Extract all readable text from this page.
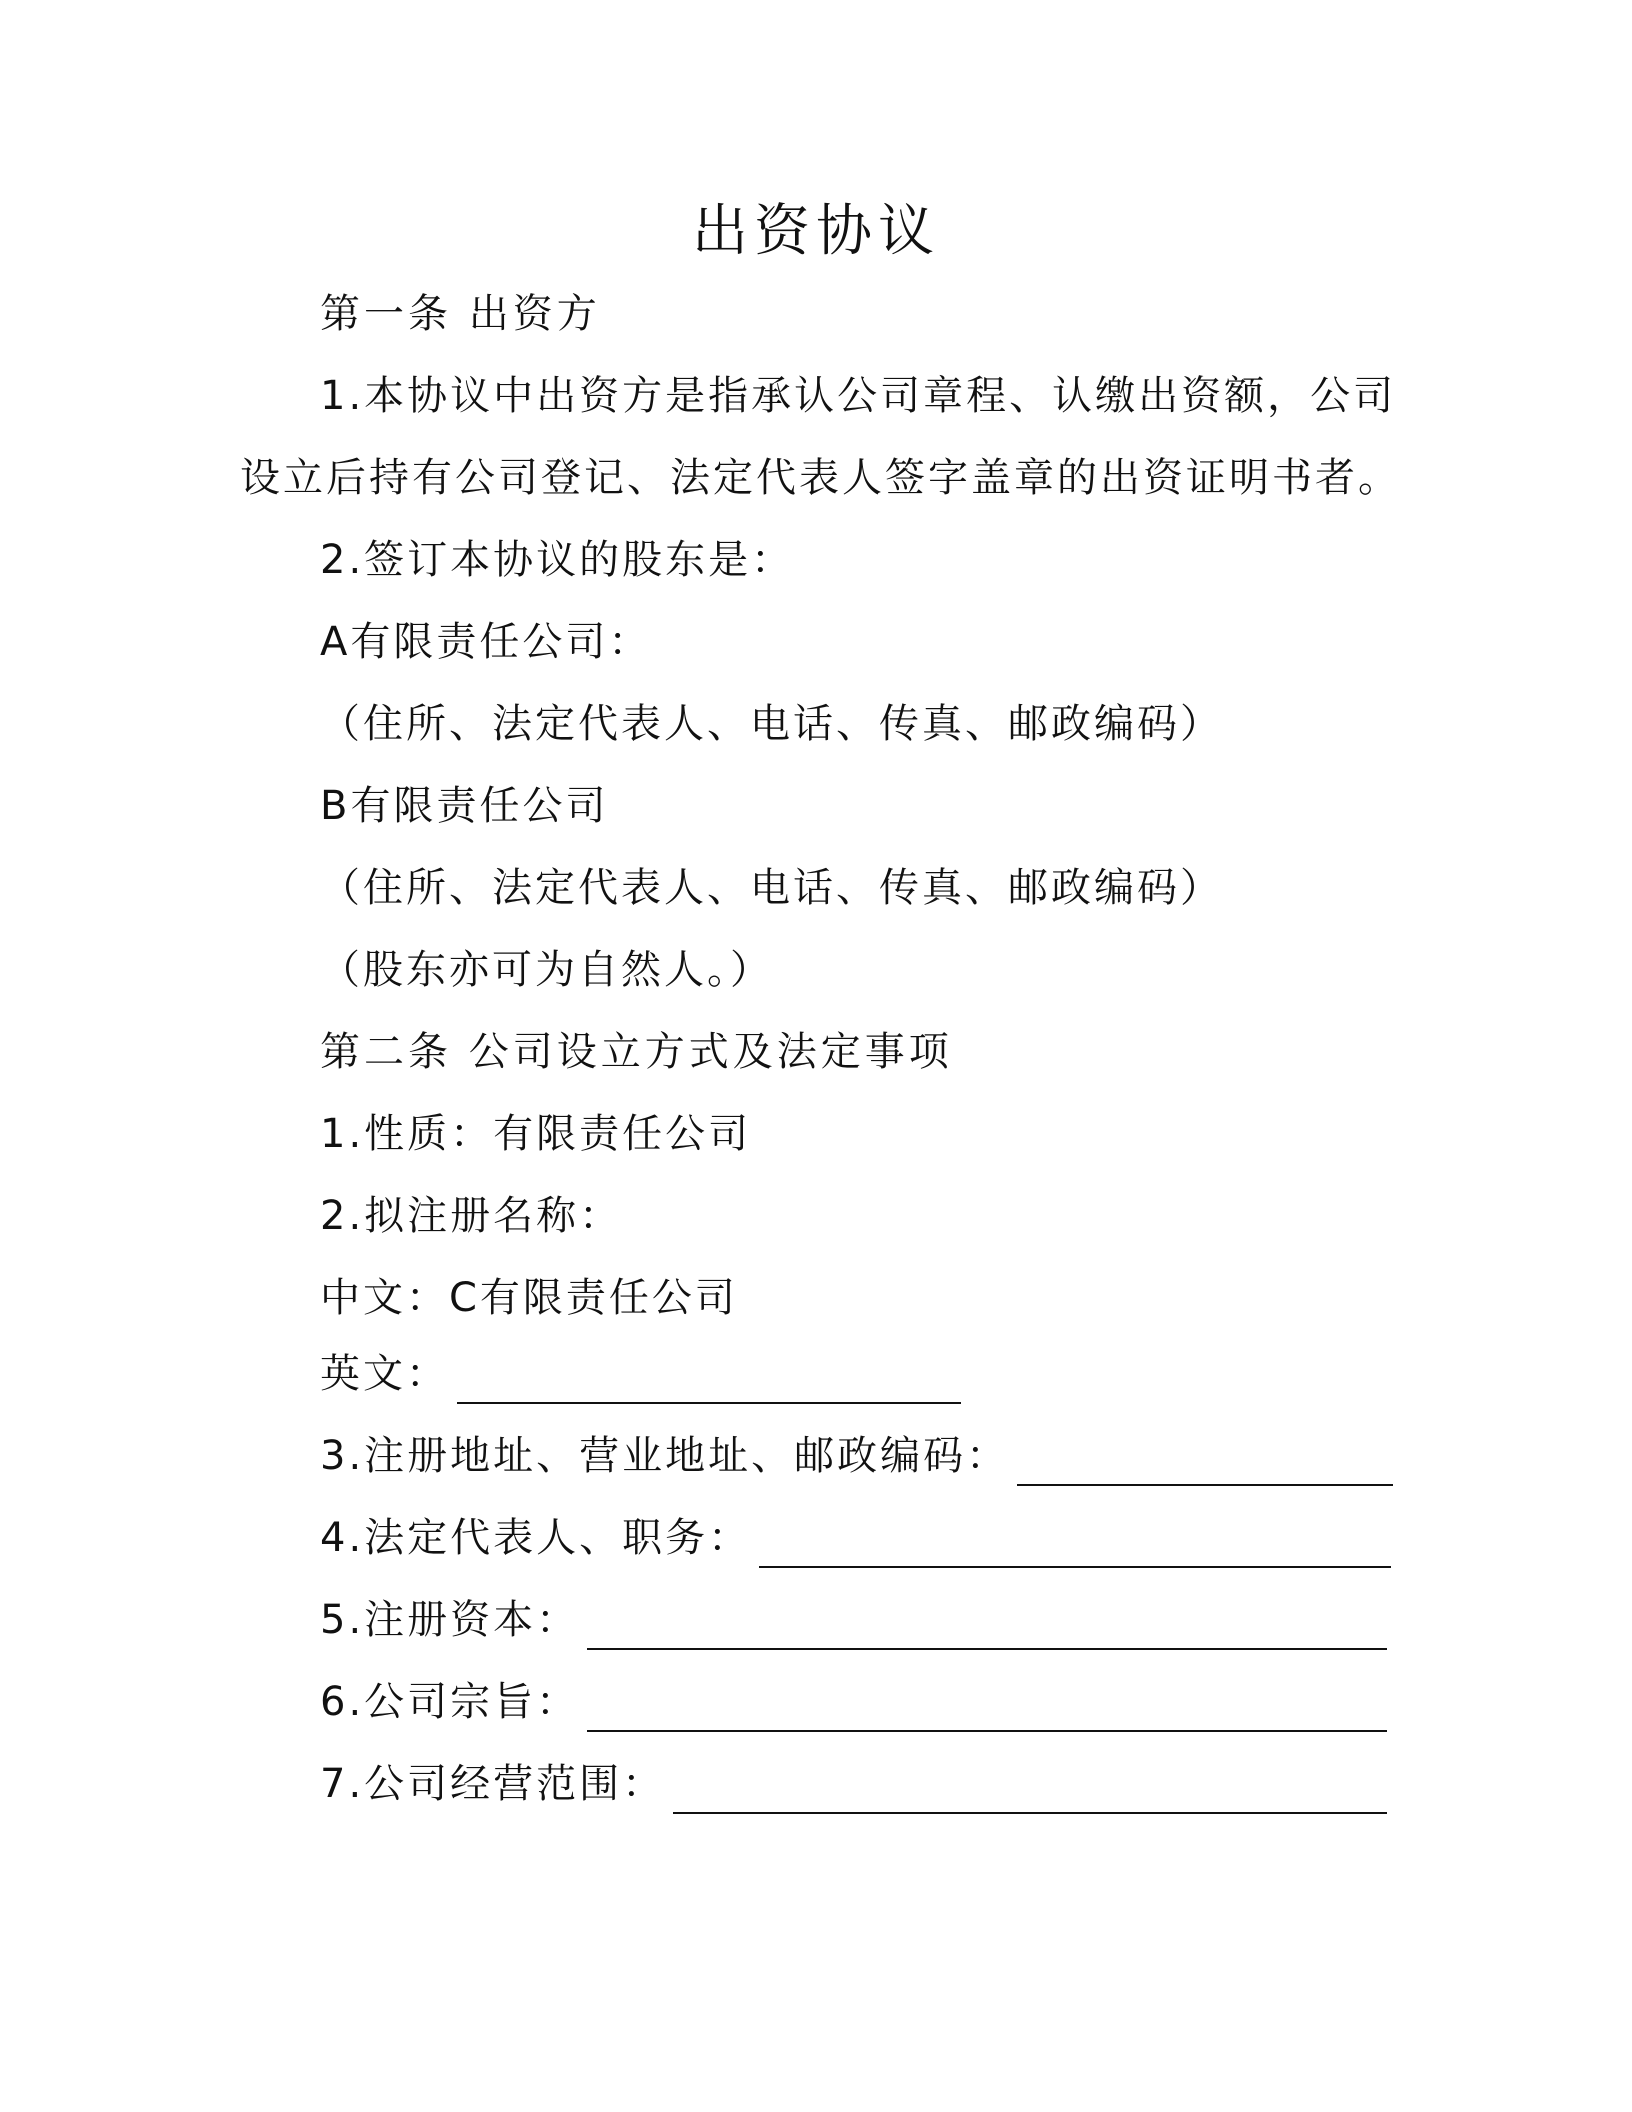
出资协议
第一条 出资方
1.本协议中出资方是指承认公司章程、认缴出资额，公司
设立后持有公司登记、法定代表人签字盖章的出资证明书者。
2.签订本协议的股东是：
A有限责任公司：
（住所、法定代表人、电话、传真、邮政编码）
B有限责任公司
（住所、法定代表人、电话、传真、邮政编码）
（股东亦可为自然人。）
第二条 公司设立方式及法定事项
1.性质：有限责任公司
2.拟注册名称：
中文：C有限责任公司
英文：
3.注册地址、营业地址、邮政编码：
4.法定代表人、职务：
5.注册资本：
6.公司宗旨：
7.公司经营范围：
